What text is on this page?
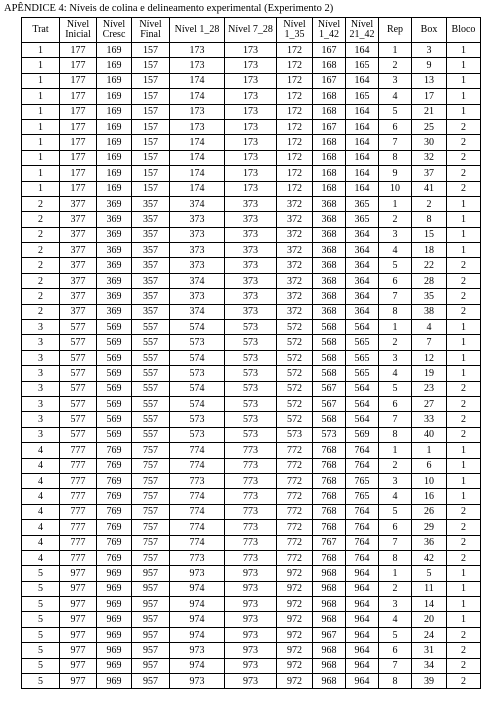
APÊNDICE 4: Níveis de colina e delineamento experimental (Experimento 2)
Trat	Nível Inicial	Nível Cresc	Nível Final	Nível 1_28	Nível 7_28	Nível 1_35	Nível 1_42	Nível 21_42	Rep	Box	Bloco
1	177	169	157	173	173	172	167	164	1	3	1
1	177	169	157	173	173	172	168	165	2	9	1
1	177	169	157	174	173	172	167	164	3	13	1
1	177	169	157	174	173	172	168	165	4	17	1
1	177	169	157	173	173	172	168	164	5	21	1
1	177	169	157	173	173	172	167	164	6	25	2
1	177	169	157	174	173	172	168	164	7	30	2
1	177	169	157	174	173	172	168	164	8	32	2
1	177	169	157	174	173	172	168	164	9	37	2
1	177	169	157	174	173	172	168	164	10	41	2
2	377	369	357	374	373	372	368	365	1	2	1
2	377	369	357	373	373	372	368	365	2	8	1
2	377	369	357	373	373	372	368	364	3	15	1
2	377	369	357	373	373	372	368	364	4	18	1
2	377	369	357	373	373	372	368	364	5	22	2
2	377	369	357	374	373	372	368	364	6	28	2
2	377	369	357	373	373	372	368	364	7	35	2
2	377	369	357	374	373	372	368	364	8	38	2
3	577	569	557	574	573	572	568	564	1	4	1
3	577	569	557	573	573	572	568	565	2	7	1
3	577	569	557	574	573	572	568	565	3	12	1
3	577	569	557	573	573	572	568	565	4	19	1
3	577	569	557	574	573	572	567	564	5	23	2
3	577	569	557	574	573	572	567	564	6	27	2
3	577	569	557	573	573	572	568	564	7	33	2
3	577	569	557	573	573	573	573	569	8	40	2
4	777	769	757	774	773	772	768	764	1	1	1
4	777	769	757	774	773	772	768	764	2	6	1
4	777	769	757	773	773	772	768	765	3	10	1
4	777	769	757	774	773	772	768	765	4	16	1
4	777	769	757	774	773	772	768	764	5	26	2
4	777	769	757	774	773	772	768	764	6	29	2
4	777	769	757	774	773	772	767	764	7	36	2
4	777	769	757	773	773	772	768	764	8	42	2
5	977	969	957	973	973	972	968	964	1	5	1
5	977	969	957	974	973	972	968	964	2	11	1
5	977	969	957	974	973	972	968	964	3	14	1
5	977	969	957	974	973	972	968	964	4	20	1
5	977	969	957	974	973	972	967	964	5	24	2
5	977	969	957	973	973	972	968	964	6	31	2
5	977	969	957	974	973	972	968	964	7	34	2
5	977	969	957	973	973	972	968	964	8	39	2
